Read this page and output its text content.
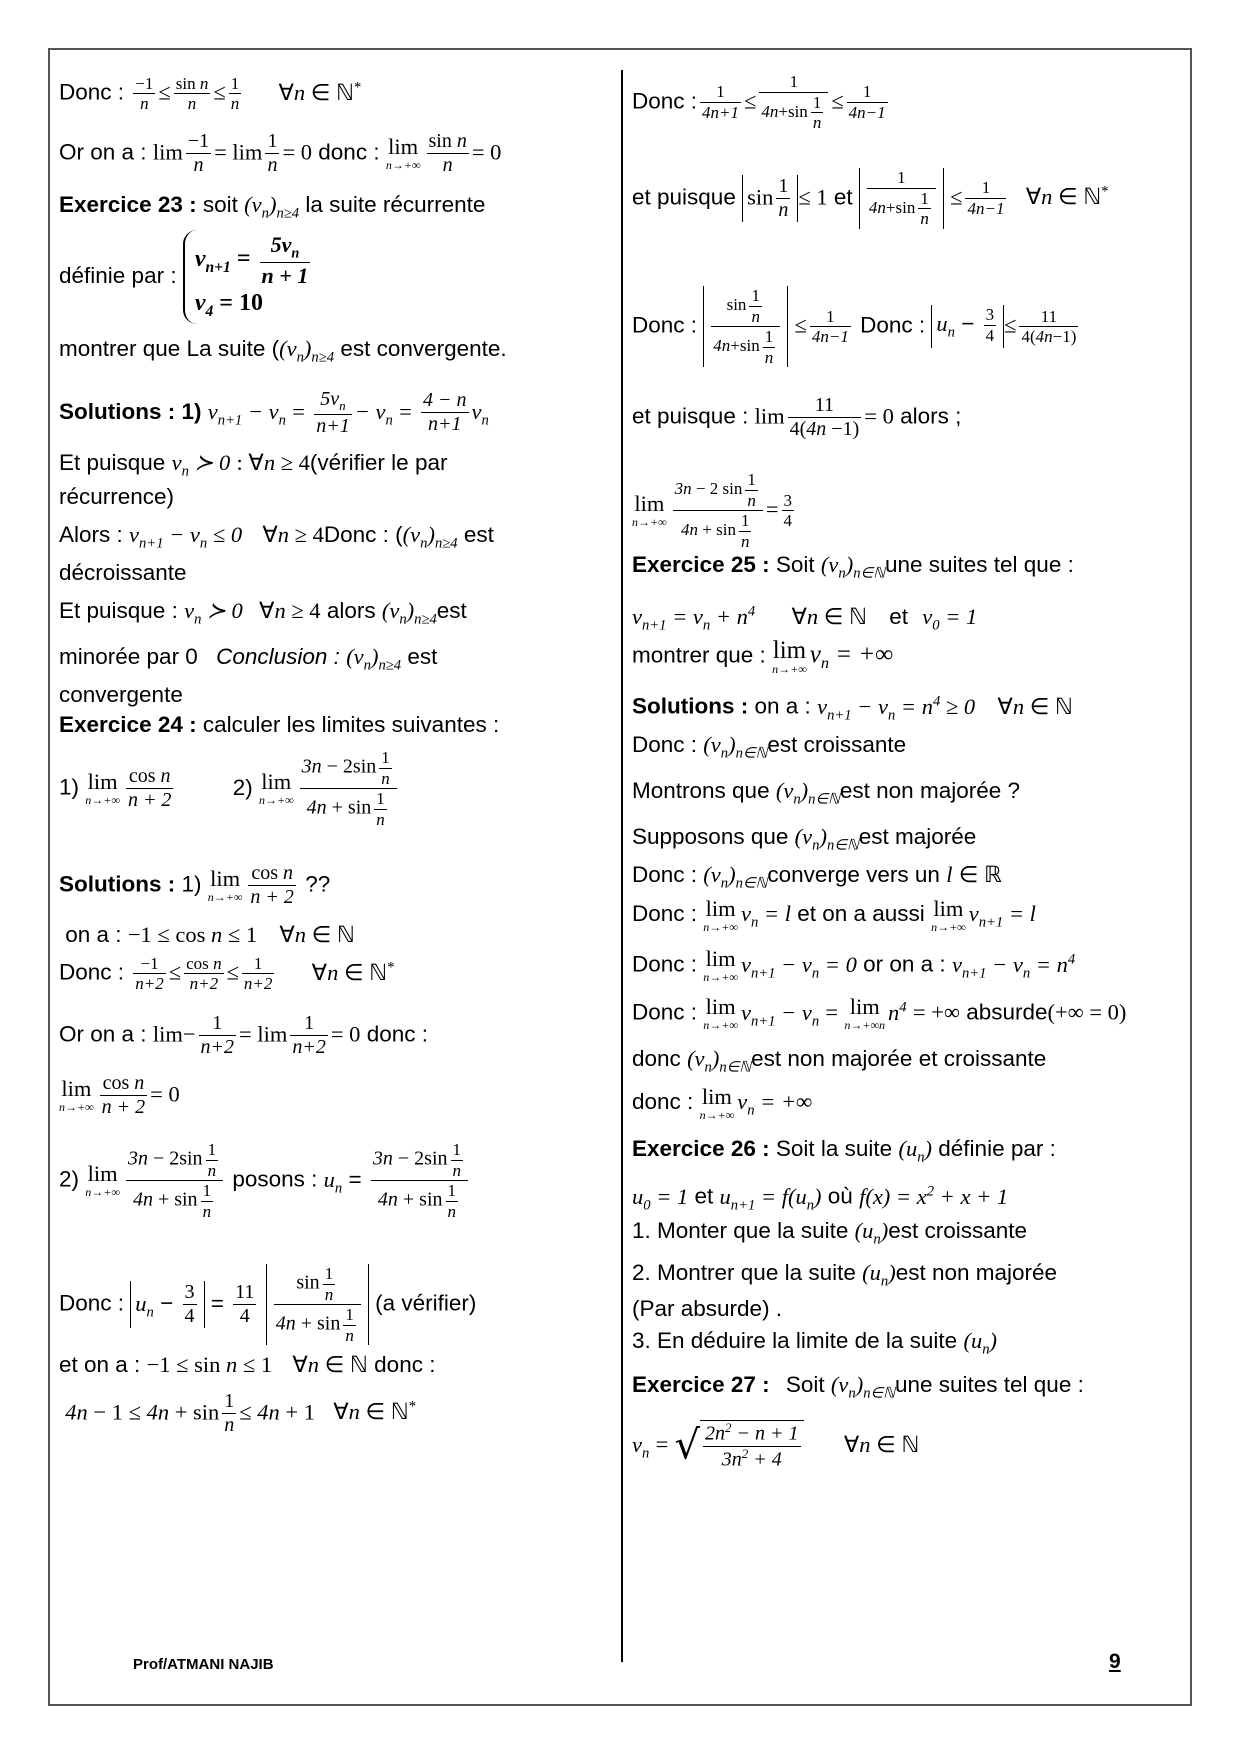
Donc : $\frac{-1}{n} \le \frac{\text{sin n}}{n} \le \frac{1}{n}$ ∀n ∈ ℕ*
Or on a : $\lim \frac{-1}{n} = \lim \frac{1}{n} = 0$ donc : lim
$n\to+\infty \frac{\text{sin n}}{n} = 0$
Exercice 23 : soit $(v_n)_{n\ge 4}$ la suite récurrente
définie par : $v_{n+1} = \frac{5v_n}{n + 1}$

$v_4 = 10$
montrer que La suite ($(v_n)_{n\ge 4}$ est convergente.
Solutions : 1) $v_{n+1} - v_n = \frac{5v_n}{n+1} - v_n = \frac{4 - n}{n+1} v_n$
Et puisque $v_n$ ≻ 0 : ∀n ≥ 4(vérifier le par
récurrence)
Alors : $v_{n+1} - v_n \le 0$ ∀n ≥ 4Donc : ($(v_n)_{n\ge 4}$ est
décroissante
Et puisque : $v_n$ ≻ 0 ∀n ≥ 4 alors $(v_n)_{n\ge 4}est$
minorée par 0 Conclusion : $(v_n)_{n\ge 4}$ est
convergente
Exercice 24 : calculer les limites suivantes :
1) lim
$n\to+\infty \frac{\text{cos n}}{n + 2}$	2) lim
$n\to+\infty \frac{3n - 2\sin \frac{1}{n}}{4n + \sin \frac{1}{n}}$
Solutions : 1) lim
$n\to+\infty \frac{\text{cos n}}{n + 2}$ ??
on a : −1 ≤ cos n ≤ 1 ∀n ∈ ℕ
Donc : $\frac{-1}{n+2} \le \frac{\text{cos n}}{n+2} \le \frac{1}{n+2}$ ∀n ∈ ℕ*
Or on a : $\lim- \frac{1}{n+2} = \lim \frac{1}{n+2} = 0$ donc :
lim
$n\to+\infty \frac{\text{cos n}}{n + 2} = 0$
2) lim
$n\to+\infty \frac{3n - 2\sin \frac{1}{n}}{4n + \sin \frac{1}{n}}$ posons : $u_n = \frac{3n - 2\sin \frac{1}{n}}{4n + \sin \frac{1}{n}}$
Donc : $u_n - \frac{3}{4} = \frac{11}{4}$
$\frac{\sin \frac{1}{n}}{4n + \sin \frac{1}{n}} (a$ vérifier)
et on a : −1 ≤ sin n ≤ 1 ∀n ∈ ℕ donc :
$4n - 1 \le 4n + \sin \frac{1}{n} \le 4n + 1$ ∀n ∈ ℕ*
Donc : $\frac{1}{4n+1} \le \frac{1}{4n+\sin \frac{1}{n}} \le \frac{1}{4n-1}$
et puisque $\sin \frac{1}{n} \le 1$ et $\frac{1}{4n+\sin \frac{1}{n}} \le \frac{1}{4n-1}$ ∀n ∈ ℕ*
Donc : $\frac{\sin \frac{1}{n}}{4n+\sin \frac{1}{n}} \le \frac{1}{4n-1}$ Donc : $u_n - \frac{3}{4} \le \frac{11}{4(4n-1)}$
et puisque : $\lim \frac{11}{4(4n -1)} = 0$ alors ;
lim
$n\to+\infty \frac{3n - 2 \sin \frac{1}{n}}{4n + \sin \frac{1}{n}} = \frac{3}{4}$
Exercice 25 : Soit $(v_n)_{n\in ℕ}une$ suites tel que :
$v_{n+1} = v_n + n^4$ ∀n ∈ ℕ et $v_0 = 1$
montrer que : lim
n→+∞
$v_n$ = +∞
Solutions : on a : $v_{n+1} - v_n = n^4 \ge 0$ ∀n ∈ ℕ
Donc : $(v_n)_{n\in ℕ}est$ croissante
Montrons que $(v_n)_{n\in ℕ}est$ non majorée ?
Supposons que $(v_n)_{n\in ℕ}est$ majorée
Donc : $(v_n)_{n\in ℕ}converge$ vers un l ∈ ℝ
Donc : lim
n→+∞
$v_n = l$ et on a aussi lim
n→+∞
$v_{n+1} = l$
Donc : lim
n→+∞
$v_{n+1} - v_n = 0$ or on a : $v_{n+1} - v_n = n^4$
Donc : lim
n→+∞
$v_{n+1} - v_n = \lim$
n→+∞n
$n^4$ = +∞ absurde(+∞ = 0)
donc $(v_n)_{n\in ℕ}est$ non majorée et croissante
donc : lim
n→+∞
$v_n$ = +∞
Exercice 26 : Soit la suite $(u_n)$ définie par :
$u_0 = 1$ et $u_{n+1} = f(u_n)$ où $f(x) = x^2 + x + 1$
1. Monter que la suite $(u_n)est$ croissante
2. Montrer que la suite $(u_n)est$ non majorée
(Par absurde) .
3. En déduire la limite de la suite $(u_n)$
Exercice 27 : Soit $(v_n)_{n\in ℕ}une$ suites tel que :
$v_n$ = √ $\frac{2n^2 - n + 1}{3n^2 + 4}$ ∀n ∈ ℕ
Prof/ATMANI NAJIB	9
